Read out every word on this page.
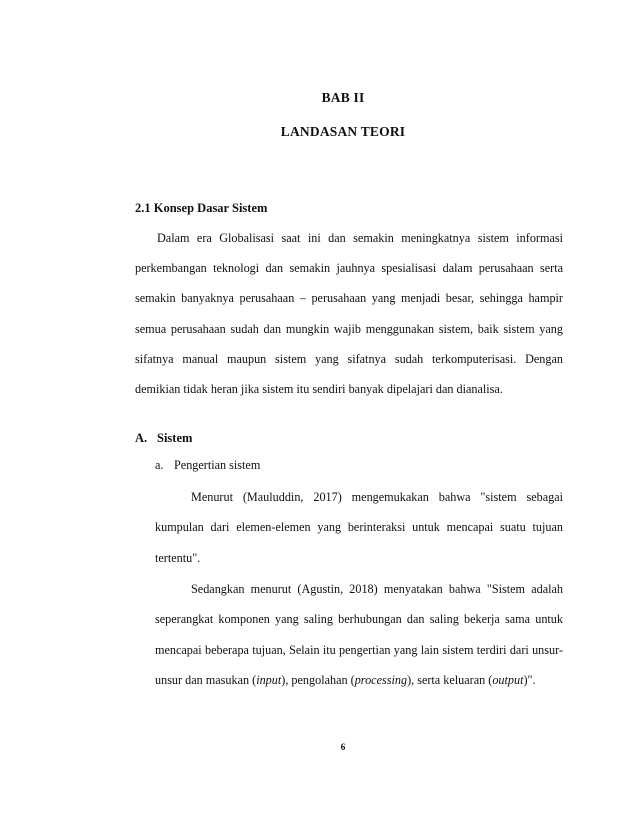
BAB II
LANDASAN TEORI
2.1 Konsep Dasar Sistem

Dalam era Globalisasi saat ini dan semakin meningkatnya sistem informasi perkembangan teknologi dan semakin jauhnya spesialisasi dalam perusahaan serta semakin banyaknya perusahaan – perusahaan yang menjadi besar, sehingga hampir semua perusahaan sudah dan mungkin wajib menggunakan sistem, baik sistem yang sifatnya manual maupun sistem yang sifatnya sudah terkomputerisasi. Dengan demikian tidak heran jika sistem itu sendiri banyak dipelajari dan dianalisa.

A. Sistem
a. Pengertian sistem

Menurut (Mauluddin, 2017) mengemukakan bahwa "sistem sebagai kumpulan dari elemen-elemen yang berinteraksi untuk mencapai suatu tujuan tertentu".

Sedangkan menurut (Agustin, 2018) menyatakan bahwa "Sistem adalah seperangkat komponen yang saling berhubungan dan saling bekerja sama untuk mencapai beberapa tujuan, Selain itu pengertian yang lain sistem terdiri dari unsur-unsur dan masukan (input), pengolahan (processing), serta keluaran (output)".

6
